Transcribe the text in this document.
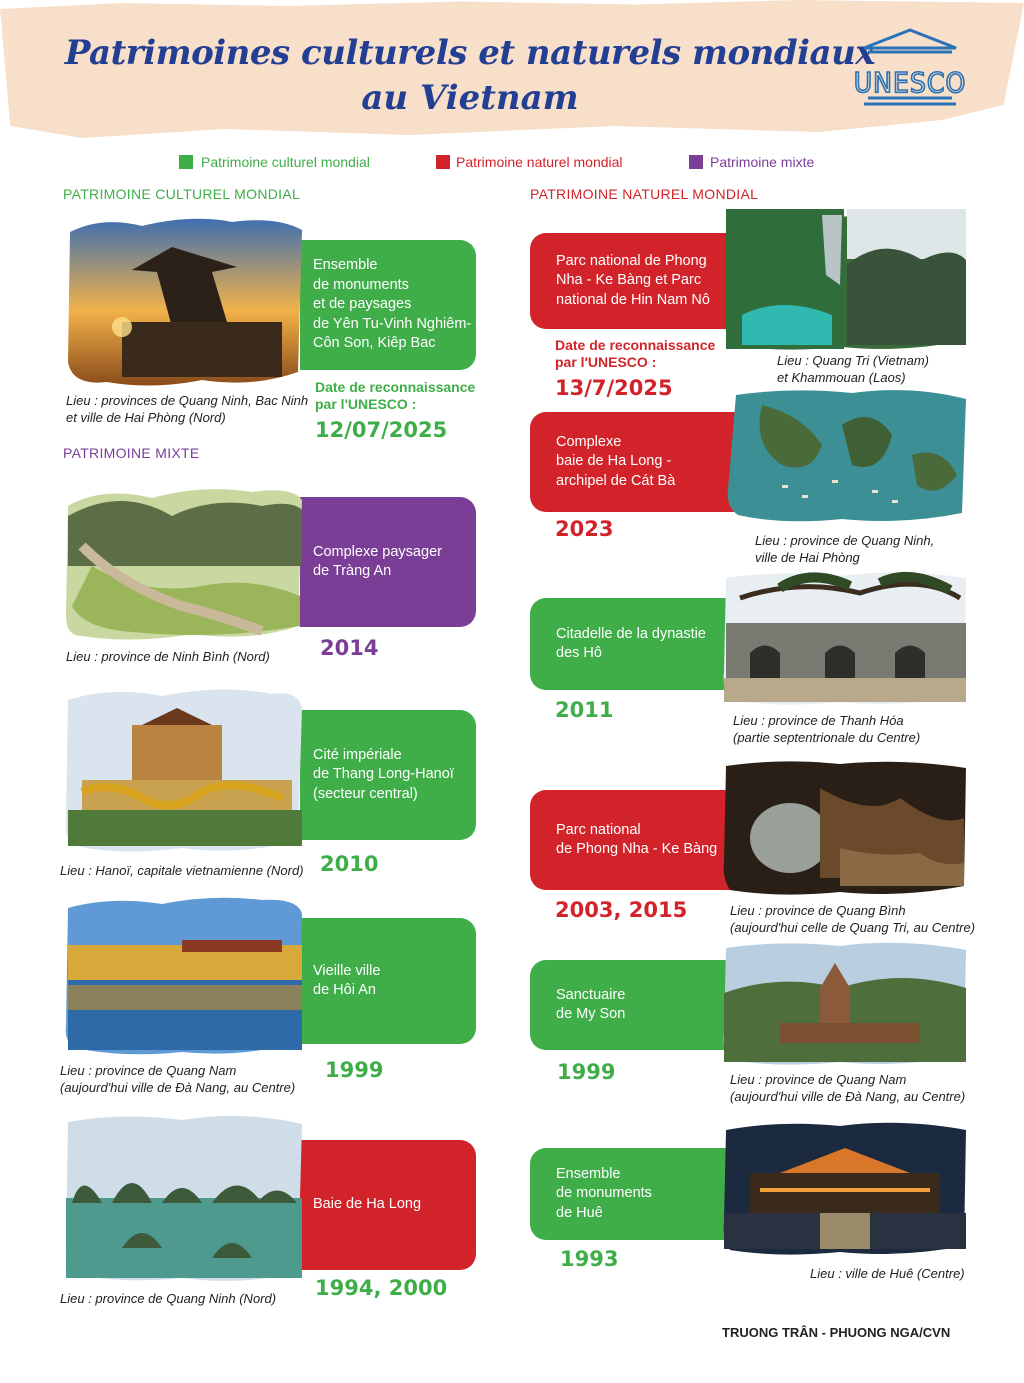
Patrimoines culturels et naturels mondiaux
au Vietnam	UNESCO
Patrimoine culturel mondial	Patrimoine naturel mondial	Patrimoine mixte
PATRIMOINE CULTUREL MONDIAL	PATRIMOINE NATUREL MONDIAL
PATRIMOINE MIXTE
Ensemble
de monuments
et de paysages
de Yên Tu-Vinh Nghiêm-
Côn Son, Kiêp Bac
Lieu : provinces de Quang Ninh, Bac Ninh
et ville de Hai Phòng (Nord)
Date de reconnaissance
par l'UNESCO :
12/07/2025
Complexe paysager
de Tràng An
Lieu : province de Ninh Bình (Nord) 2014
Cité impériale
de Thang Long-Hanoï
(secteur central)
Lieu : Hanoï, capitale vietnamienne (Nord) 2010
Vieille ville
de Hôi An
Lieu : province de Quang Nam
(aujourd'hui ville de Ðà Nang, au Centre)
1999
Baie de Ha Long
Lieu : province de Quang Ninh (Nord) 1994, 2000
Parc national de Phong
Nha - Ke Bàng et Parc
national de Hin Nam Nô
Lieu : Quang Tri (Vietnam)
et Khammouan (Laos)
Date de reconnaissance
par l'UNESCO :
13/7/2025
Complexe
baie de Ha Long -
archipel de Cát Bà
Lieu : province de Quang Ninh,
ville de Hai Phòng
2023
Citadelle de la dynastie
des Hô
Lieu : province de Thanh Hóa
(partie septentrionale du Centre)
2011
Parc national
de Phong Nha - Ke Bàng
Lieu : province de Quang Bình
(aujourd'hui celle de Quang Tri, au Centre)
2003, 2015
Sanctuaire
de My Son
Lieu : province de Quang Nam
(aujourd'hui ville de Ðà Nang, au Centre)
1999
Ensemble
de monuments
de Huê
Lieu : ville de Huê (Centre)
1993
TRUONG TRÂN - PHUONG NGA/CVN
